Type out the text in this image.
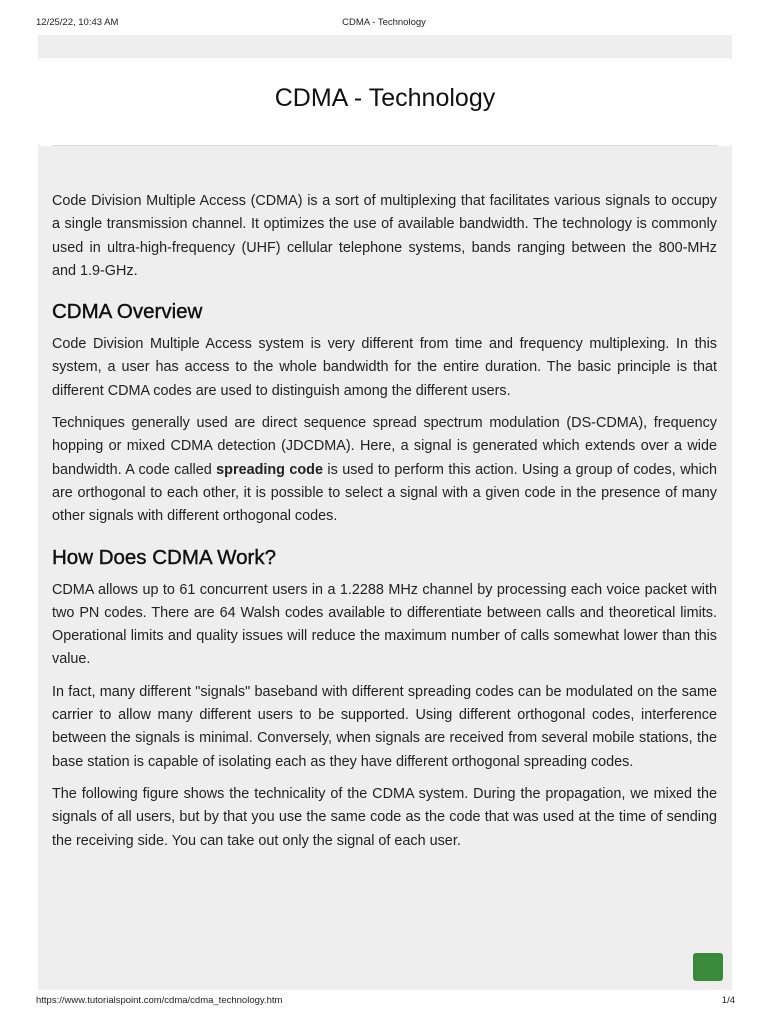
12/25/22, 10:43 AM	CDMA - Technology
CDMA - Technology

Code Division Multiple Access (CDMA) is a sort of multiplexing that facilitates various signals to occupy a single transmission channel. It optimizes the use of available bandwidth. The technology is commonly used in ultra-high-frequency (UHF) cellular telephone systems, bands ranging between the 800-MHz and 1.9-GHz.

CDMA Overview

Code Division Multiple Access system is very different from time and frequency multiplexing. In this system, a user has access to the whole bandwidth for the entire duration. The basic principle is that different CDMA codes are used to distinguish among the different users.

Techniques generally used are direct sequence spread spectrum modulation (DS-CDMA), frequency hopping or mixed CDMA detection (JDCDMA). Here, a signal is generated which extends over a wide bandwidth. A code called spreading code is used to perform this action. Using a group of codes, which are orthogonal to each other, it is possible to select a signal with a given code in the presence of many other signals with different orthogonal codes.

How Does CDMA Work?

CDMA allows up to 61 concurrent users in a 1.2288 MHz channel by processing each voice packet with two PN codes. There are 64 Walsh codes available to differentiate between calls and theoretical limits. Operational limits and quality issues will reduce the maximum number of calls somewhat lower than this value.

In fact, many different "signals" baseband with different spreading codes can be modulated on the same carrier to allow many different users to be supported. Using different orthogonal codes, interference between the signals is minimal. Conversely, when signals are received from several mobile stations, the base station is capable of isolating each as they have different orthogonal spreading codes.

The following figure shows the technicality of the CDMA system. During the propagation, we mixed the signals of all users, but by that you use the same code as the code that was used at the time of sending the receiving side. You can take out only the signal of each user.

https://www.tutorialspoint.com/cdma/cdma_technology.htm	1/4
